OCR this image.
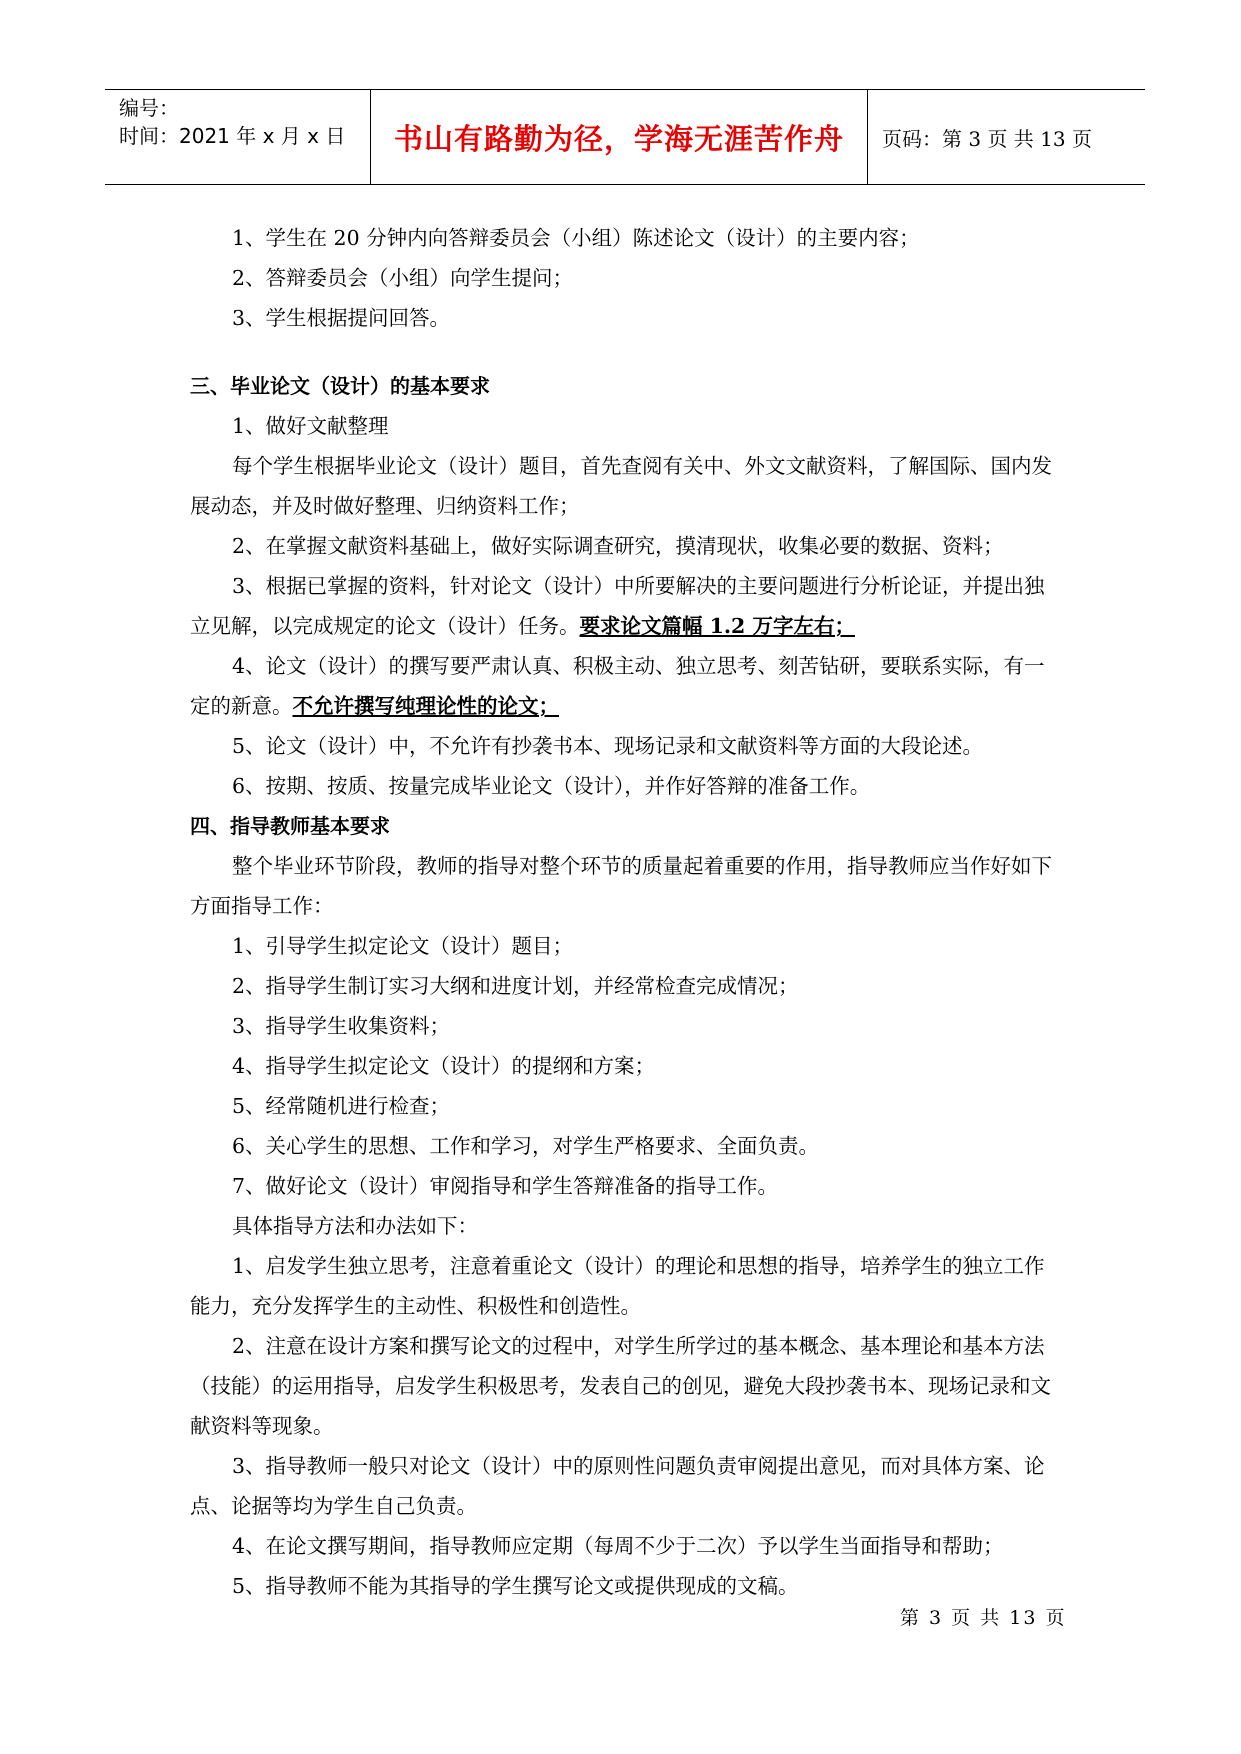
编号：
时间：2021 年 x 月 x 日 书山有路勤为径，学海无涯苦作舟 页码：第 3 页 共 13 页

1、学生在 20 分钟内向答辩委员会（小组）陈述论文（设计）的主要内容；

2、答辩委员会（小组）向学生提问；

3、学生根据提问回答。

三、毕业论文（设计）的基本要求

1、做好文献整理

每个学生根据毕业论文（设计）题目，首先查阅有关中、外文文献资料，了解国际、国内发展动态，并及时做好整理、归纳资料工作；

2、在掌握文献资料基础上，做好实际调查研究，摸清现状，收集必要的数据、资料；

3、根据已掌握的资料，针对论文（设计）中所要解决的主要问题进行分析论证，并提出独立见解，以完成规定的论文（设计）任务。要求论文篇幅 1.2 万字左右；

4、论文（设计）的撰写要严肃认真、积极主动、独立思考、刻苦钻研，要联系实际，有一定的新意。不允许撰写纯理论性的论文；

5、论文（设计）中，不允许有抄袭书本、现场记录和文献资料等方面的大段论述。

6、按期、按质、按量完成毕业论文（设计），并作好答辩的准备工作。

四、指导教师基本要求

整个毕业环节阶段，教师的指导对整个环节的质量起着重要的作用，指导教师应当作好如下方面指导工作：

1、引导学生拟定论文（设计）题目；

2、指导学生制订实习大纲和进度计划，并经常检查完成情况；

3、指导学生收集资料；

4、指导学生拟定论文（设计）的提纲和方案；

5、经常随机进行检查；

6、关心学生的思想、工作和学习，对学生严格要求、全面负责。

7、做好论文（设计）审阅指导和学生答辩准备的指导工作。

具体指导方法和办法如下：

1、启发学生独立思考，注意着重论文（设计）的理论和思想的指导，培养学生的独立工作能力，充分发挥学生的主动性、积极性和创造性。

2、注意在设计方案和撰写论文的过程中，对学生所学过的基本概念、基本理论和基本方法（技能）的运用指导，启发学生积极思考，发表自己的创见，避免大段抄袭书本、现场记录和文献资料等现象。

3、指导教师一般只对论文（设计）中的原则性问题负责审阅提出意见，而对具体方案、论点、论据等均为学生自己负责。

4、在论文撰写期间，指导教师应定期（每周不少于二次）予以学生当面指导和帮助；

5、指导教师不能为其指导的学生撰写论文或提供现成的文稿。

第 3 页 共 13 页
